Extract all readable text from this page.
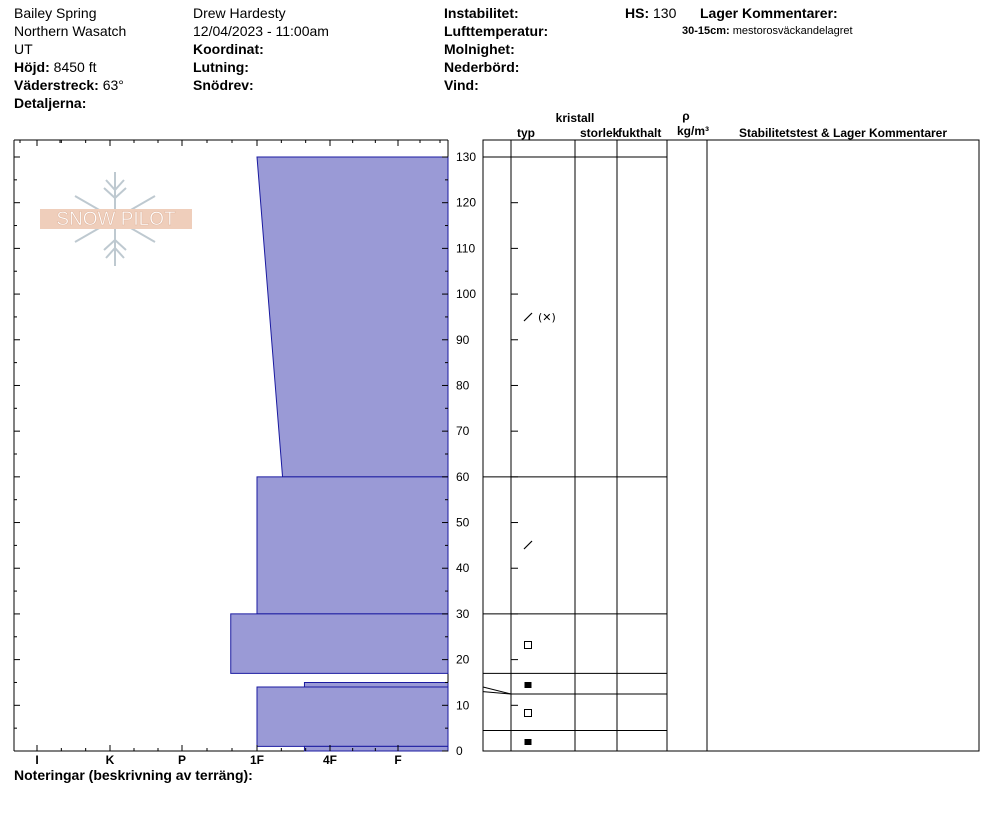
Bailey Spring
Northern Wasatch
UT
Höjd: 8450 ft
Väderstreck: 63°
Detaljerna:
Drew Hardesty
12/04/2023 - 11:00am
Koordinat:
Lutning:
Snödrev:
Instabilitet:
Lufttemperatur:
Molnighet:
Nederbörd:
Vind:
HS: 130 Lager Kommentarer:
30-15cm: mestorosväckandelagret
SNOW PILOT
0
10
20
30
40
50
60
70
80
90
100
110
120
130
I	K	P	1F	4F	F
kristall
typ	storlek
fukthalt
ρ
kg/m³ Stabilitetstest & Lager Kommentarer
(✕)
Noteringar (beskrivning av terräng):
